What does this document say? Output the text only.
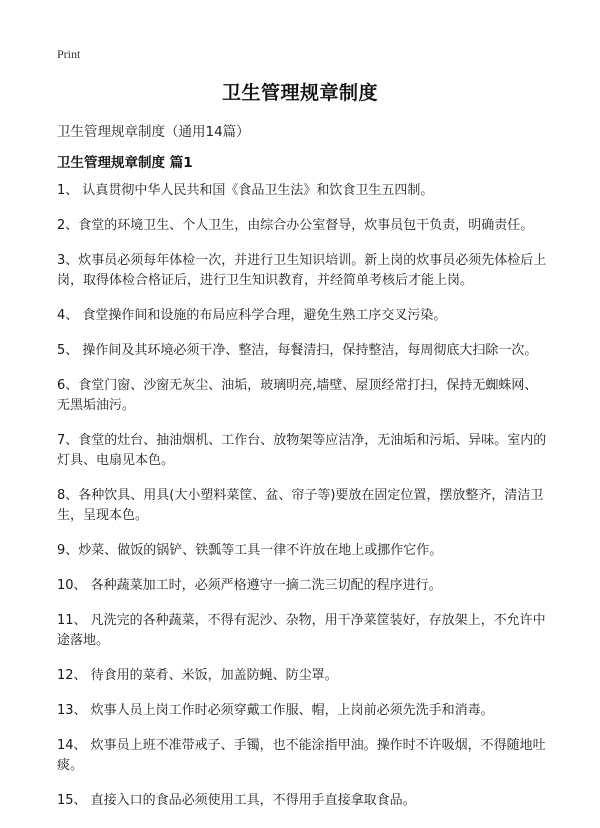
Print
卫生管理规章制度
卫生管理规章制度（通用14篇）
卫生管理规章制度 篇1
1、 认真贯彻中华人民共和国《食品卫生法》和饮食卫生五四制。
2、食堂的环境卫生、个人卫生，由综合办公室督导，炊事员包干负责，明确责任。
3、炊事员必须每年体检一次，并进行卫生知识培训。新上岗的炊事员必须先体检后上岗，取得体检合格证后，进行卫生知识教育，并经简单考核后才能上岗。
4、 食堂操作间和设施的布局应科学合理，避免生熟工序交叉污染。
5、 操作间及其环境必须干净、整洁，每餐清扫，保持整洁，每周彻底大扫除一次。
6、食堂门窗、沙窗无灰尘、油垢，玻璃明亮,墙壁、屋顶经常打扫，保持无蜘蛛网、无黑垢油污。
7、食堂的灶台、抽油烟机、工作台、放物架等应洁净，无油垢和污垢、异味。室内的灯具、电扇见本色。
8、各种饮具、用具(大小塑料菜筐、盆、帘子等)要放在固定位置，摆放整齐，清洁卫生，呈现本色。
9、炒菜、做饭的锅铲、铁瓢等工具一律不许放在地上或挪作它作。
10、 各种蔬菜加工时，必须严格遵守一摘二洗三切配的程序进行。
11、 凡洗完的各种蔬菜，不得有泥沙、杂物，用干净菜筐装好，存放架上，不允许中途落地。
12、 待食用的菜肴、米饭，加盖防蝇、防尘罩。
13、 炊事人员上岗工作时必须穿戴工作服、帽，上岗前必须先洗手和消毒。
14、 炊事员上班不准带戒子、手镯，也不能涂指甲油。操作时不许吸烟，不得随地吐痰。
15、 直接入口的食品必须使用工具，不得用手直接拿取食品。
